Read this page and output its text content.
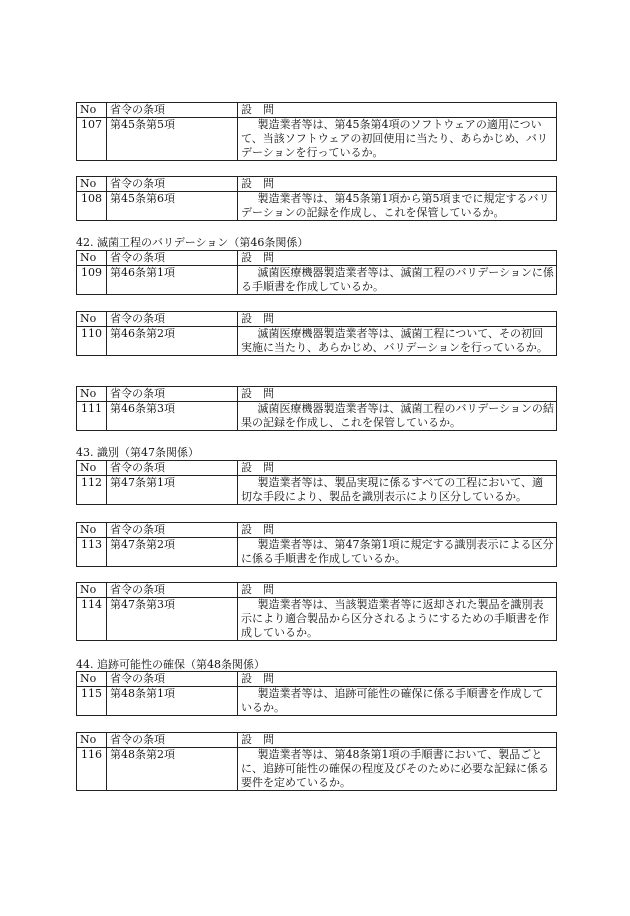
No	省令の条項	設　問
107	第45条第5項	製造業者等は、第45条第4項のソフトウェアの適用について、当該ソフトウェアの初回使用に当たり、あらかじめ、バリデーションを行っているか。
No	省令の条項	設　問
108	第45条第6項	製造業者等は、第45条第1項から第5項までに規定するバリデーションの記録を作成し、これを保管しているか。
42. 滅菌工程のバリデーション（第46条関係）
No	省令の条項	設　問
109	第46条第1項	滅菌医療機器製造業者等は、滅菌工程のバリデーションに係る手順書を作成しているか。
No	省令の条項	設　問
110	第46条第2項	滅菌医療機器製造業者等は、滅菌工程について、その初回実施に当たり、あらかじめ、バリデーションを行っているか。
No	省令の条項	設　問
111	第46条第3項	滅菌医療機器製造業者等は、滅菌工程のバリデーションの結果の記録を作成し、これを保管しているか。
43. 識別（第47条関係）
No	省令の条項	設　問
112	第47条第1項	製造業者等は、製品実現に係るすべての工程において、適切な手段により、製品を識別表示により区分しているか。
No	省令の条項	設　問
113	第47条第2項	製造業者等は、第47条第1項に規定する識別表示による区分に係る手順書を作成しているか。
No	省令の条項	設　問
114	第47条第3項	製造業者等は、当該製造業者等に返却された製品を識別表示により適合製品から区分されるようにするための手順書を作成しているか。
44. 追跡可能性の確保（第48条関係）
No	省令の条項	設　問
115	第48条第1項	製造業者等は、追跡可能性の確保に係る手順書を作成しているか。
No	省令の条項	設　問
116	第48条第2項	製造業者等は、第48条第1項の手順書において、製品ごとに、追跡可能性の確保の程度及びそのために必要な記録に係る要件を定めているか。
